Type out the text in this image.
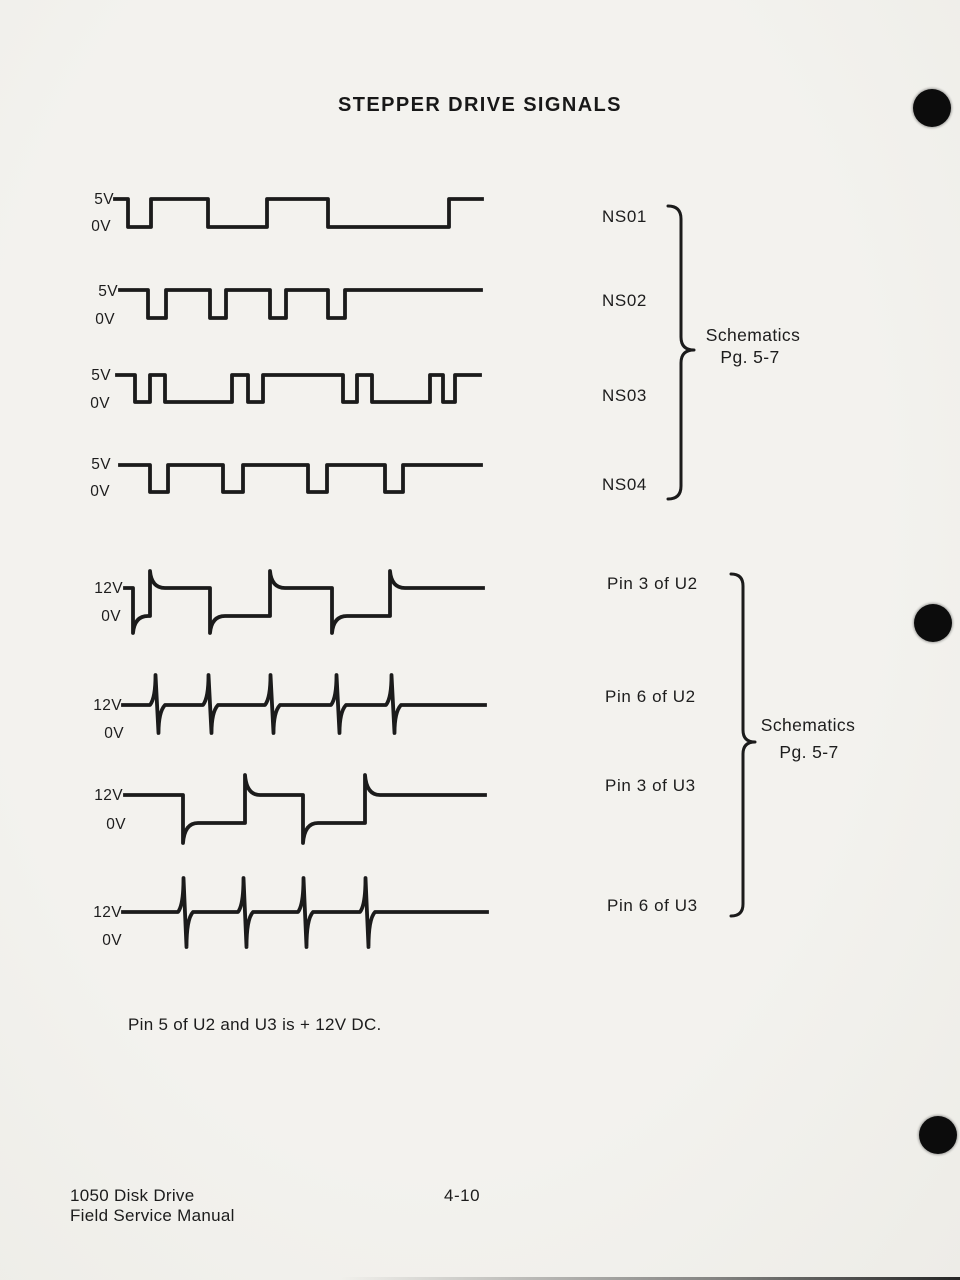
STEPPER DRIVE SIGNALS
5V
0V
NS01
5V
0V
NS02
5V
0V	NS03
5V
0V	NS04
12V
0V
Pin 3 of U2
12V
0V
Pin 6 of U2
12V
0V
Pin 3 of U3
12V
0V
Pin 6 of U3
Schematics
Pg. 5-7
Schematics
Pg. 5-7
Pin 5 of U2 and U3 is + 12V DC.
1050 Disk Drive
Field Service Manual
4-10
